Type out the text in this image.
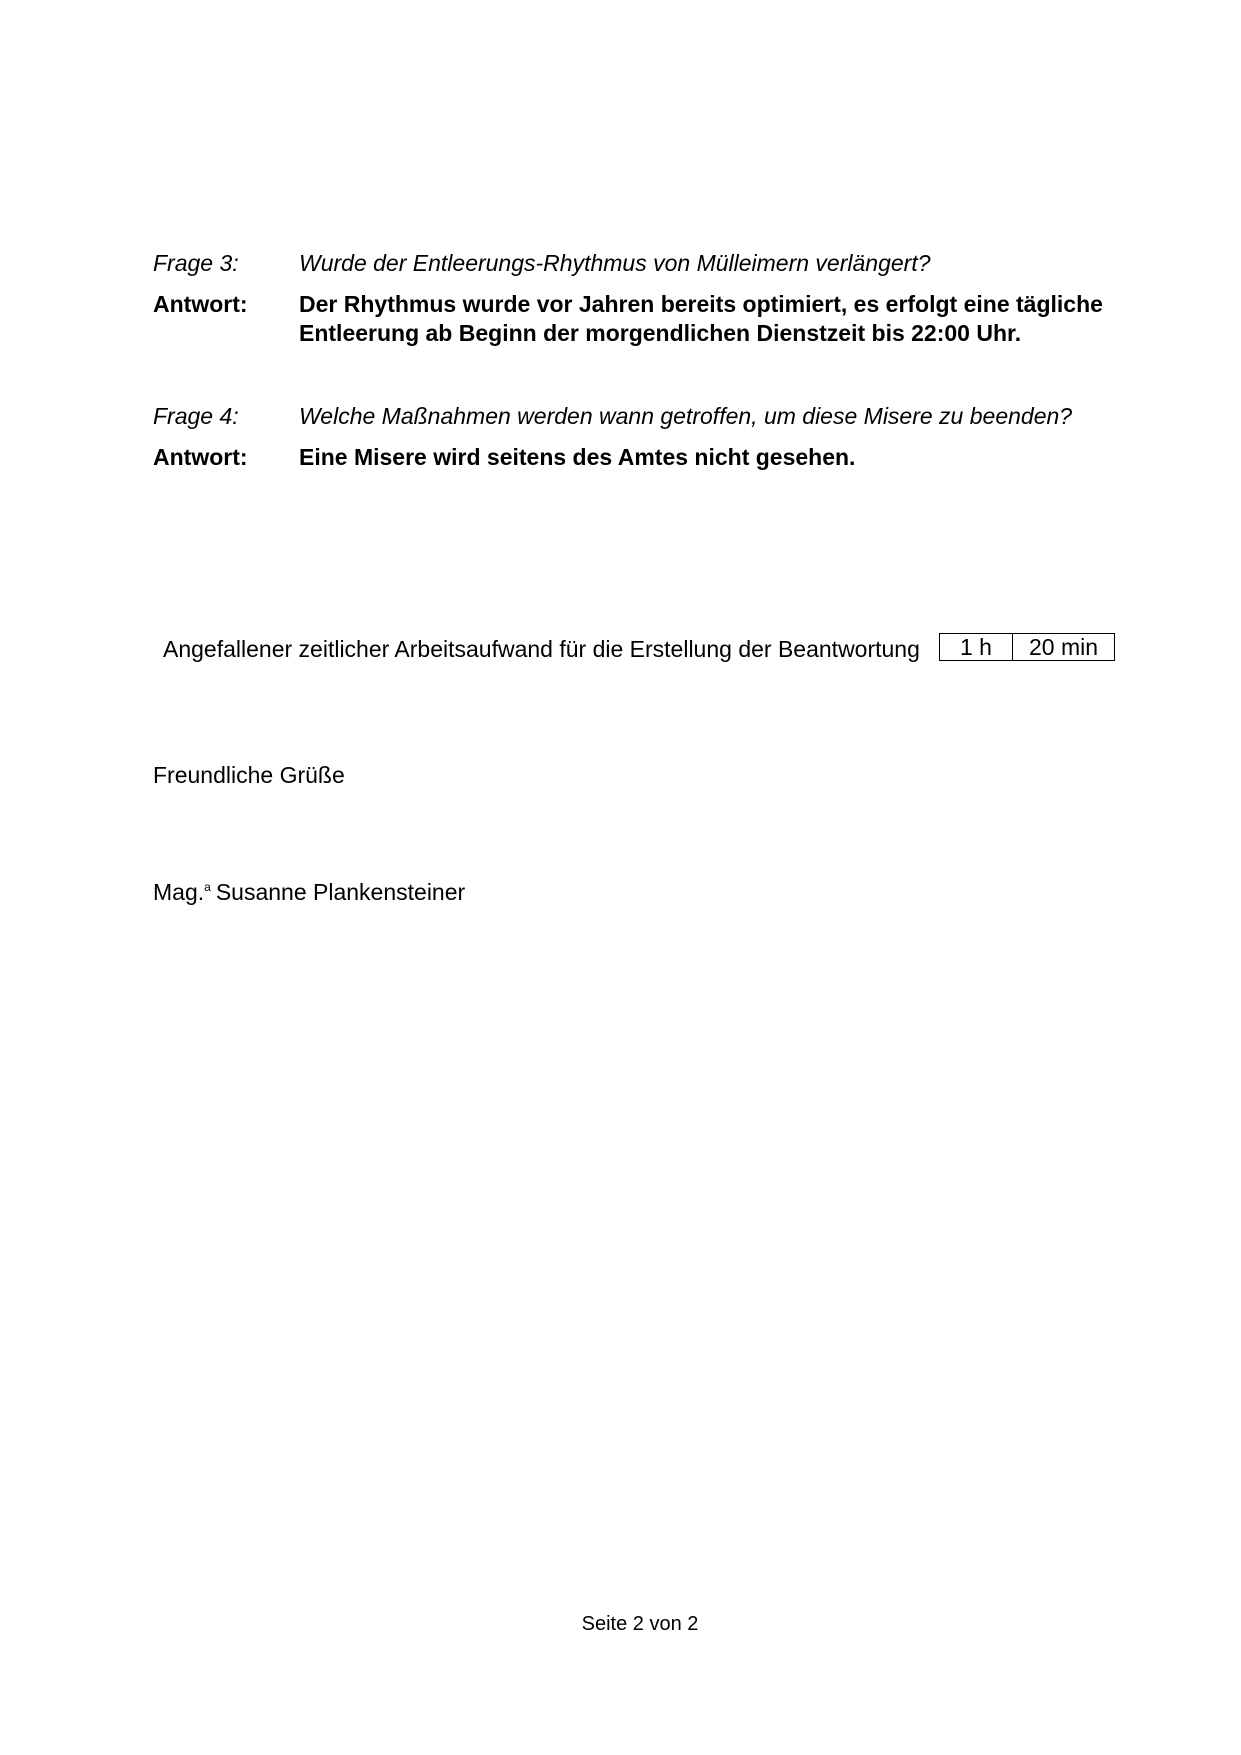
Frage 3:	Wurde der Entleerungs-Rhythmus von Mülleimern verlängert?
Antwort:	Der Rhythmus wurde vor Jahren bereits optimiert, es erfolgt eine tägliche
Entleerung ab Beginn der morgendlichen Dienstzeit bis 22:00 Uhr.
Frage 4:	Welche Maßnahmen werden wann getroffen, um diese Misere zu beenden?
Antwort:	Eine Misere wird seitens des Amtes nicht gesehen.
Angefallener zeitlicher Arbeitsaufwand für die Erstellung der Beantwortung	1 h	20 min
Freundliche Grüße
Mag.$^a$ Susanne Plankensteiner
Seite 2 von 2
